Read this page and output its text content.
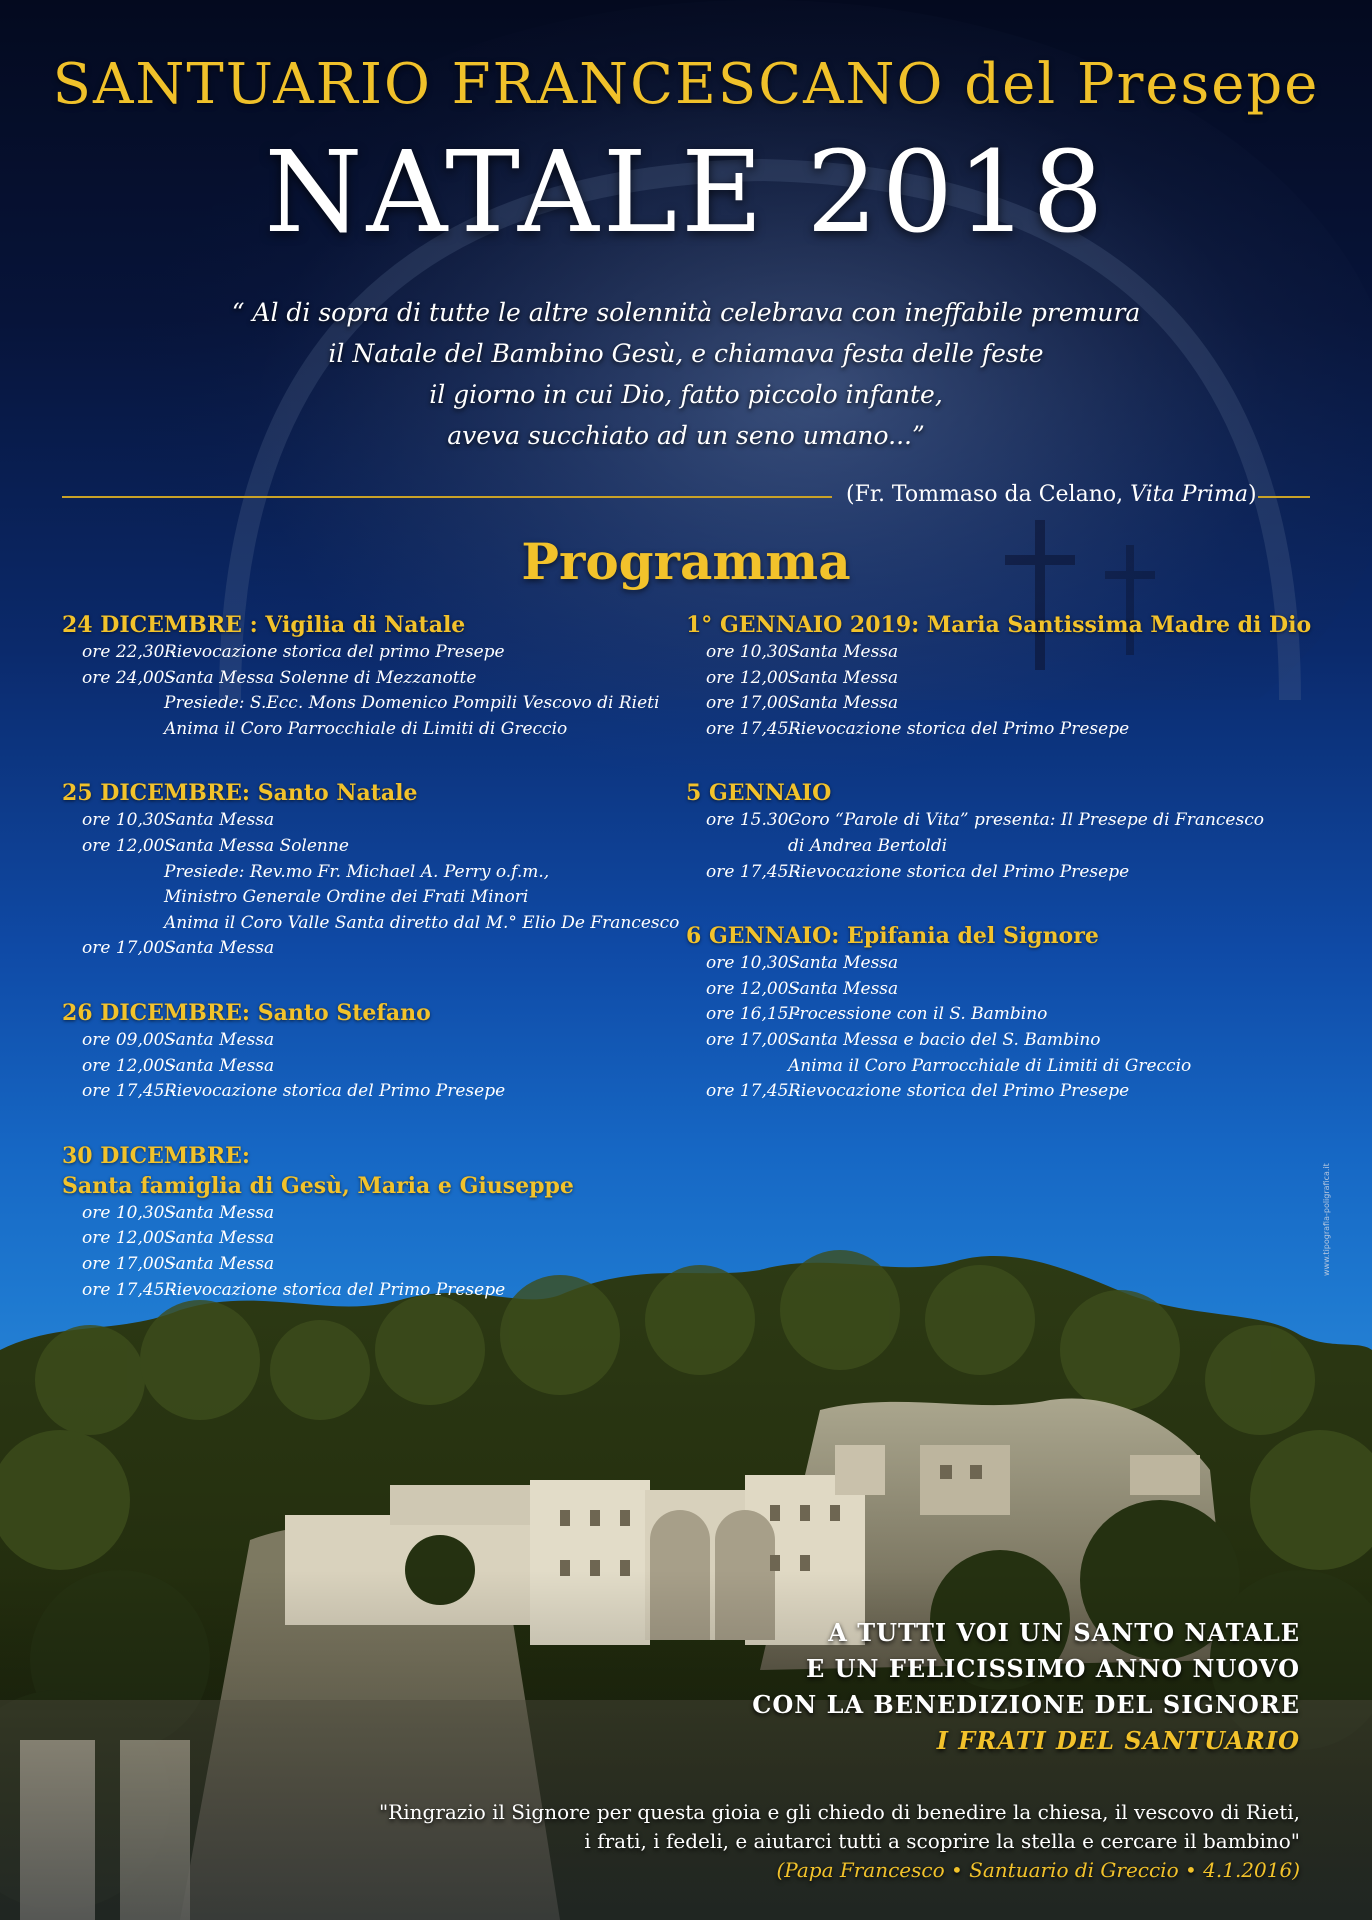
SANTUARIO FRANCESCANO del Presepe
NATALE 2018
“ Al di sopra di tutte le altre solennità celebrava con ineffabile premura
il Natale del Bambino Gesù, e chiamava festa delle feste
il giorno in cui Dio, fatto piccolo infante,
aveva succhiato ad un seno umano...”
(Fr. Tommaso da Celano, Vita Prima)
Programma
24 DICEMBRE : Vigilia di Natale
ore 22,30 -
Rievocazione storica del primo Presepe
ore 24,00 -
Santa Messa Solenne di Mezzanotte
Presiede: S.Ecc. Mons Domenico Pompili Vescovo di Rieti
Anima il Coro Parrocchiale di Limiti di Greccio
25 DICEMBRE: Santo Natale
ore 10,30 -
Santa Messa
ore 12,00 -
Santa Messa Solenne
Presiede: Rev.mo Fr. Michael A. Perry o.f.m.,
Ministro Generale Ordine dei Frati Minori
Anima il Coro Valle Santa diretto dal M.° Elio De Francesco
ore 17,00 -
Santa Messa
26 DICEMBRE: Santo Stefano
ore 09,00 -
Santa Messa
ore 12,00 -
Santa Messa
ore 17,45 -
Rievocazione storica del Primo Presepe
30 DICEMBRE:
Santa famiglia di Gesù, Maria e Giuseppe
ore 10,30 -
Santa Messa
ore 12,00 -
Santa Messa
ore 17,00 -
Santa Messa
ore 17,45 -
Rievocazione storica del Primo Presepe
1° GENNAIO 2019: Maria Santissima Madre di Dio
ore 10,30 -
Santa Messa
ore 12,00 -
Santa Messa
ore 17,00 -
Santa Messa
ore 17,45 -
Rievocazione storica del Primo Presepe
5 GENNAIO
ore 15.30 -
Coro “Parole di Vita” presenta: Il Presepe di Francesco
di Andrea Bertoldi
ore 17,45 -
Rievocazione storica del Primo Presepe
6 GENNAIO: Epifania del Signore
ore 10,30 -
Santa Messa
ore 12,00 -
Santa Messa
ore 16,15 -
Processione con il S. Bambino
ore 17,00 -
Santa Messa e bacio del S. Bambino
Anima il Coro Parrocchiale di Limiti di Greccio
ore 17,45 -
Rievocazione storica del Primo Presepe
A TUTTI VOI UN SANTO NATALE
E UN FELICISSIMO ANNO NUOVO
CON LA BENEDIZIONE DEL SIGNORE
I FRATI DEL SANTUARIO
"Ringrazio il Signore per questa gioia e gli chiedo di benedire la chiesa, il vescovo di Rieti,
i frati, i fedeli, e aiutarci tutti a scoprire la stella e cercare il bambino"
(Papa Francesco • Santuario di Greccio • 4.1.2016)
www.tipografia-poligrafica.it
